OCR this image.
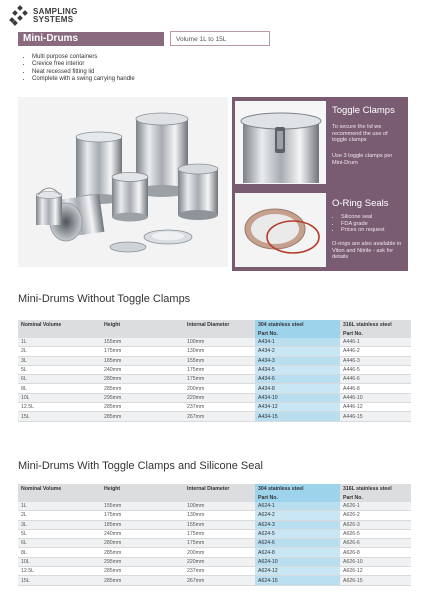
SAMPLING
SYSTEMS
Mini-Drums	Volume 1L to 15L
• Multi purpose containers
• Crevice free interior
• Neat recessed fitting lid
• Complete with a swing carrying handle
Toggle Clamps

To secure the lid we recommend the use of toggle clamps

Use 3 toggle clamps per Mini-Drum

O-Ring Seals
• Silicone seal
• FDA grade
• Prices on request

O-rings are also available in Viton and Nitrile - ask for details

Mini-Drums Without Toggle Clamps
Nominal Volume	Height	Internal Diameter	304 stainless steel	316L stainless steel
			Part No.	Part No.
1L	155mm	100mm	A434-1	A446-1
2L	175mm	130mm	A434-2	A446-2
3L	185mm	155mm	A434-3	A446-3
5L	240mm	175mm	A434-5	A446-5
6L	280mm	175mm	A434-6	A446-6
8L	285mm	200mm	A434-8	A446-8
10L	295mm	220mm	A434-10	A446-10
12.5L	285mm	237mm	A434-12	A446-12
15L	285mm	267mm	A434-15	A446-15
Mini-Drums With Toggle Clamps and Silicone Seal
Nominal Volume	Height	Internal Diameter	304 stainless steel	316L stainless steel
			Part No.	Part No.
1L	155mm	100mm	A624-1	A626-1
2L	175mm	130mm	A624-2	A626-2
3L	185mm	155mm	A624-3	A626-3
5L	240mm	175mm	A624-5	A626-5
6L	280mm	175mm	A624-6	A626-6
8L	285mm	200mm	A624-8	A626-8
10L	295mm	220mm	A624-10	A626-10
12.5L	285mm	237mm	A624-12	A626-12
15L	285mm	267mm	A624-15	A626-15
